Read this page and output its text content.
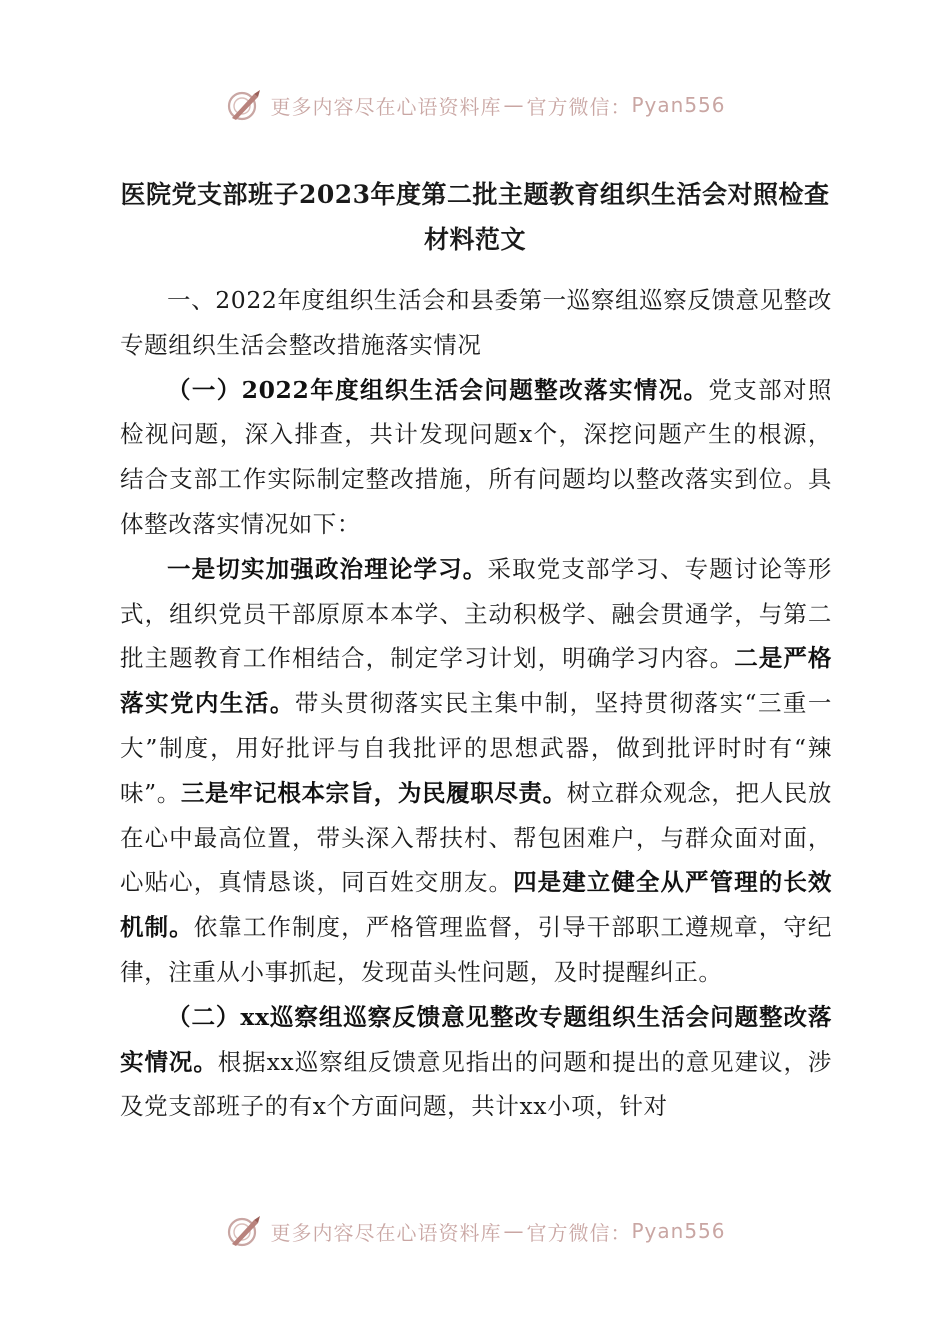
更多内容尽在心语资料库 — 官方微信： Pyan556
医院党支部班子2023年度第二批主题教育组织生活会对照检查
材料范文

一、2022年度组织生活会和县委第一巡察组巡察反馈意见整改专题组织生活会整改措施落实情况

（一）2022年度组织生活会问题整改落实情况。党支部对照检视问题，深入排查，共计发现问题x个，深挖问题产生的根源，结合支部工作实际制定整改措施，所有问题均以整改落实到位。具体整改落实情况如下：

一是切实加强政治理论学习。采取党支部学习、专题讨论等形式，组织党员干部原原本本学、主动积极学、融会贯通学，与第二批主题教育工作相结合，制定学习计划，明确学习内容。二是严格落实党内生活。带头贯彻落实民主集中制，坚持贯彻落实“三重一大”制度，用好批评与自我批评的思想武器，做到批评时时有“辣味”。三是牢记根本宗旨，为民履职尽责。树立群众观念，把人民放在心中最高位置，带头深入帮扶村、帮包困难户，与群众面对面，心贴心，真情恳谈，同百姓交朋友。四是建立健全从严管理的长效机制。依靠工作制度，严格管理监督，引导干部职工遵规章，守纪律，注重从小事抓起，发现苗头性问题，及时提醒纠正。

（二）xx巡察组巡察反馈意见整改专题组织生活会问题整改落实情况。根据xx巡察组反馈意见指出的问题和提出的意见建议，涉及党支部班子的有x个方面问题，共计xx小项，针对

更多内容尽在心语资料库 — 官方微信： Pyan556
